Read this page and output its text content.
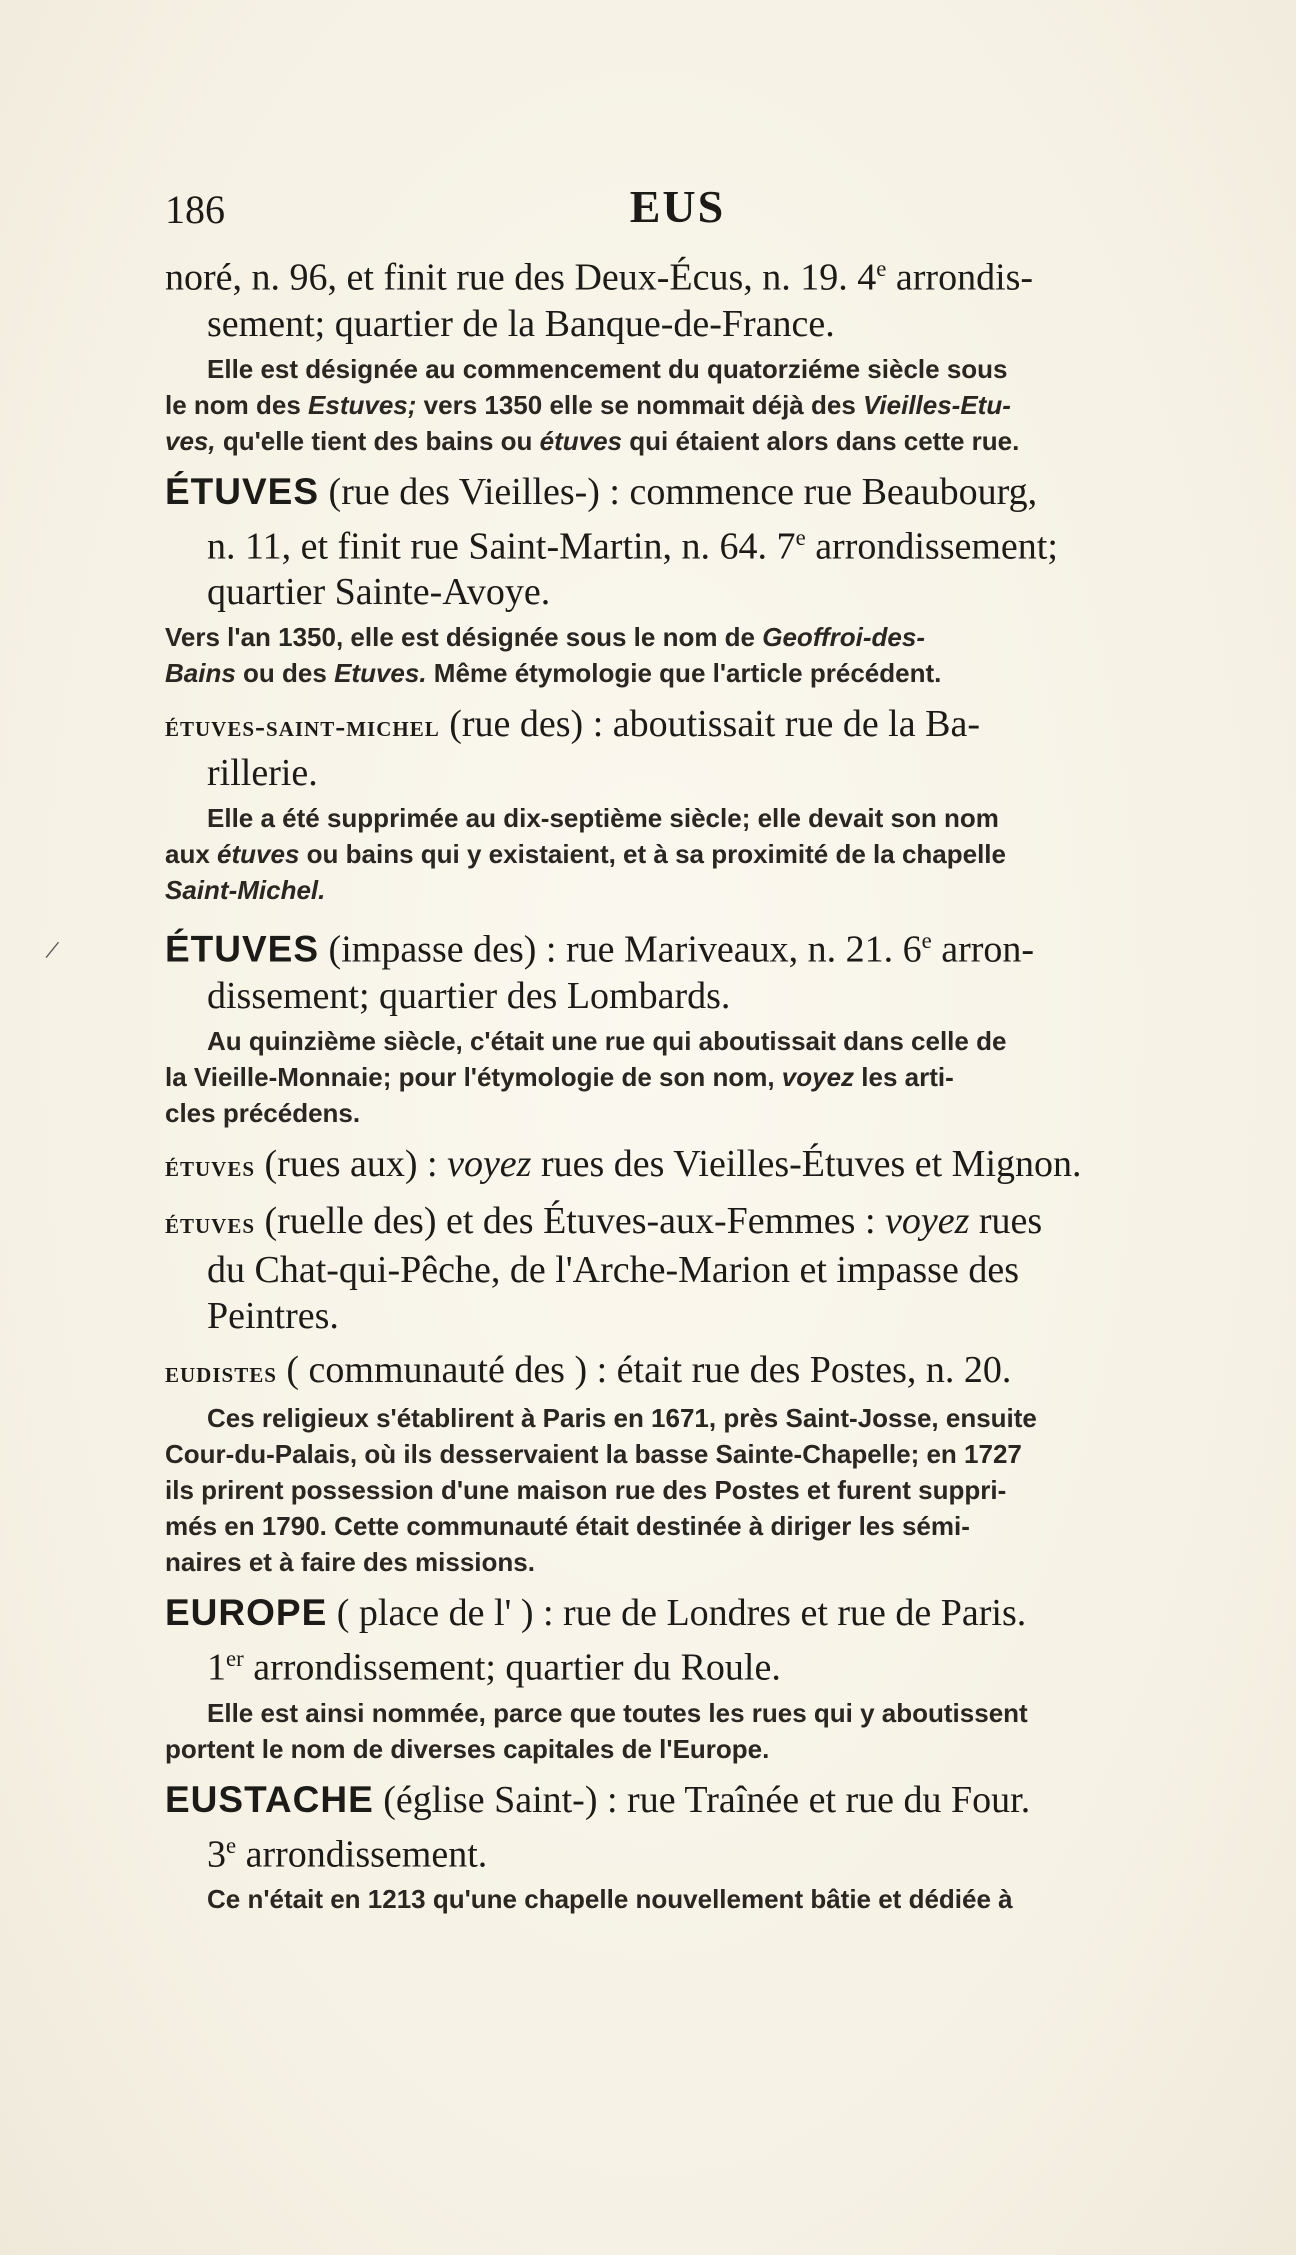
/
186	EUS
noré, n. 96, et finit rue des Deux-Écus, n. 19. 4e arrondis-
sement; quartier de la Banque-de-France.
Elle est désignée au commencement du quatorziéme siècle sous
le nom des Estuves; vers 1350 elle se nommait déjà des Vieilles-Etu-
ves, qu'elle tient des bains ou étuves qui étaient alors dans cette rue.
ÉTUVES (rue des Vieilles-) : commence rue Beaubourg,
n. 11, et finit rue Saint-Martin, n. 64. 7e arrondissement;
quartier Sainte-Avoye.
Vers l'an 1350, elle est désignée sous le nom de Geoffroi-des-
Bains ou des Etuves. Même étymologie que l'article précédent.
étuves-saint-michel (rue des) : aboutissait rue de la Ba-
rillerie.
Elle a été supprimée au dix-septième siècle; elle devait son nom
aux étuves ou bains qui y existaient, et à sa proximité de la chapelle
Saint-Michel.
ÉTUVES (impasse des) : rue Mariveaux, n. 21. 6e arron-
dissement; quartier des Lombards.
Au quinzième siècle, c'était une rue qui aboutissait dans celle de
la Vieille-Monnaie; pour l'étymologie de son nom, voyez les arti-
cles précédens.
étuves (rues aux) : voyez rues des Vieilles-Étuves et Mignon.
étuves (ruelle des) et des Étuves-aux-Femmes : voyez rues
du Chat-qui-Pêche, de l'Arche-Marion et impasse des
Peintres.
eudistes ( communauté des ) : était rue des Postes, n. 20.
Ces religieux s'établirent à Paris en 1671, près Saint-Josse, ensuite
Cour-du-Palais, où ils desservaient la basse Sainte-Chapelle; en 1727
ils prirent possession d'une maison rue des Postes et furent suppri-
més en 1790. Cette communauté était destinée à diriger les sémi-
naires et à faire des missions.
EUROPE ( place de l' ) : rue de Londres et rue de Paris.
1er arrondissement; quartier du Roule.
Elle est ainsi nommée, parce que toutes les rues qui y aboutissent
portent le nom de diverses capitales de l'Europe.
EUSTACHE (église Saint-) : rue Traînée et rue du Four.
3e arrondissement.
Ce n'était en 1213 qu'une chapelle nouvellement bâtie et dédiée à
